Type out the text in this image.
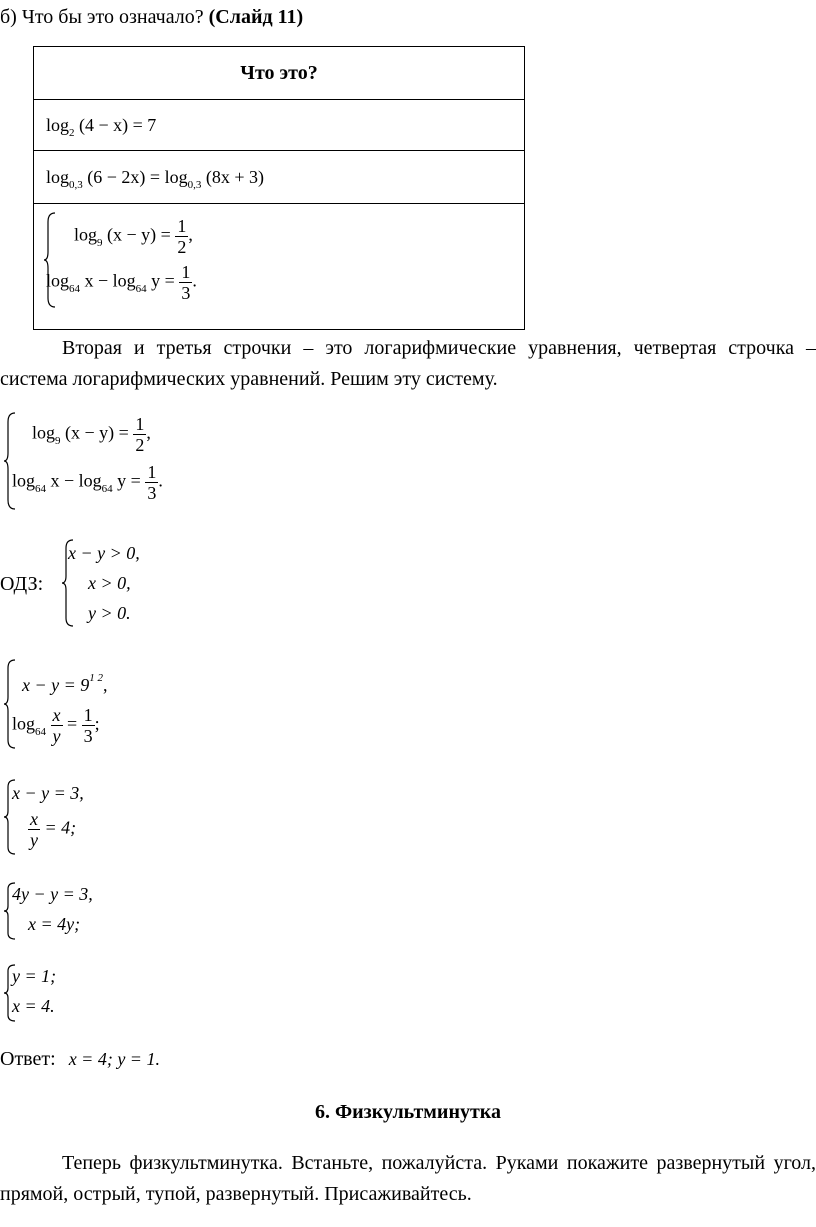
б) Что бы это означало? (Слайд 11)
Что это?
$\log_2 (4 - x) = 7$
$\log_{0,3} (6 - 2x) = \log_{0,3} (8x + 3)$

$\log_9 (x - y) = \frac{1}{2}$ ,
$\log_{64} x - \log_{64} y = \frac{1}{3}$ .
Вторая и третья строчки – это логарифмические уравнения, четвертая строчка – система логарифмических уравнений. Решим эту систему.
$\log_9 (x - y) = \frac{1}{2}$ ,
$\log_{64} x - \log_{64} y = \frac{1}{3}$ .
ОДЗ:
x − y > 0,
x > 0,
y > 0.
$x - y = 9^{1 2}$,
$\log_{64} \frac{x}{y} = \frac{1}{3}$ ;
x − y = 3,
$\frac{x}{y} = 4$;
4y − y = 3,
x = 4y;
y = 1;
x = 4.
Ответ: x = 4; y = 1.
6. Физкультминутка
Теперь физкультминутка. Встаньте, пожалуйста. Руками покажите развернутый угол, прямой, острый, тупой, развернутый. Присаживайтесь.
